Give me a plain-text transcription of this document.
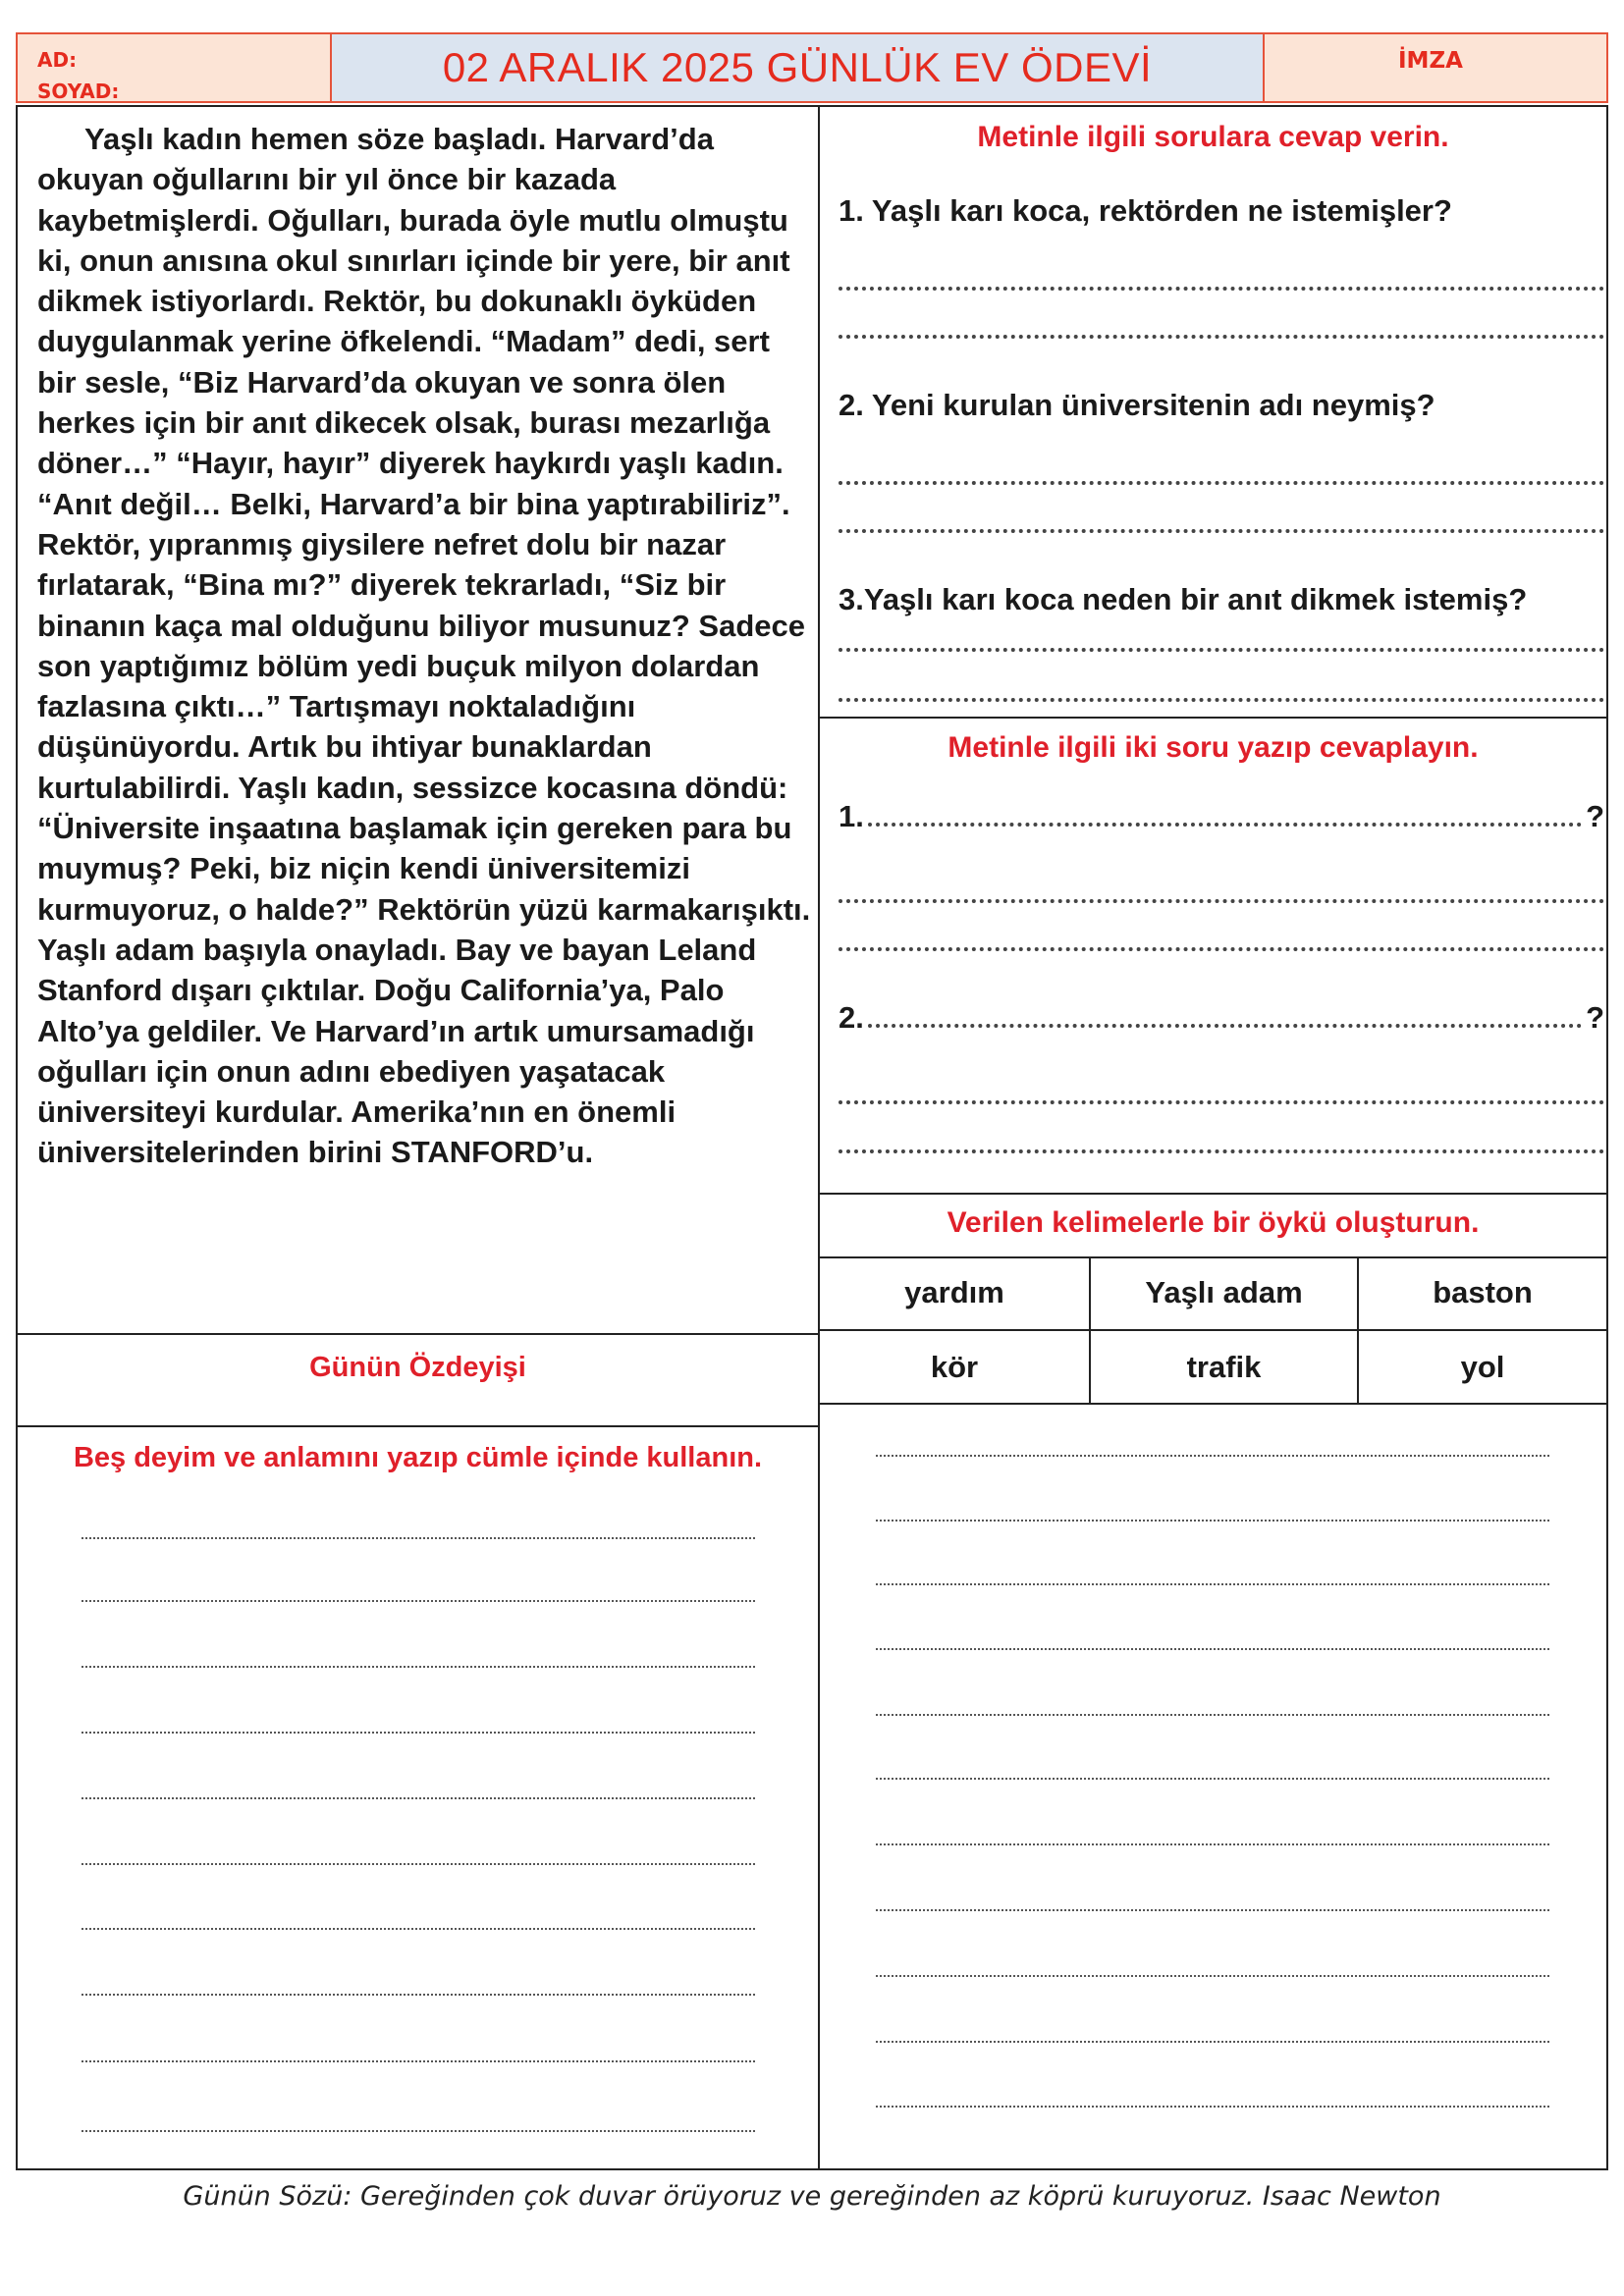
AD:
SOYAD:
02 ARALIK 2025 GÜNLÜK EV ÖDEVİ	İMZA

Yaşlı kadın hemen söze başladı. Harvard’da okuyan oğullarını bir yıl önce bir kazada kaybetmişlerdi. Oğulları, burada öyle mutlu olmuştu ki, onun anısına okul sınırları içinde bir yere, bir anıt dikmek istiyorlardı. Rektör, bu dokunaklı öyküden duygulanmak yerine öfkelendi. “Madam” dedi, sert bir sesle, “Biz Harvard’da okuyan ve sonra ölen herkes için bir anıt dikecek olsak, burası mezarlığa döner…” “Hayır, hayır” diyerek haykırdı yaşlı kadın. “Anıt değil… Belki, Harvard’a bir bina yaptırabiliriz”. Rektör, yıpranmış giysilere nefret dolu bir nazar fırlatarak, “Bina mı?” diyerek tekrarladı, “Siz bir binanın kaça mal olduğunu biliyor musunuz? Sadece son yaptığımız bölüm yedi buçuk milyon dolardan fazlasına çıktı…” Tartışmayı noktaladığını düşünüyordu. Artık bu ihtiyar bunaklardan kurtulabilirdi. Yaşlı kadın, sessizce kocasına döndü: “Üniversite inşaatına başlamak için gereken para bu muymuş? Peki, biz niçin kendi üniversitemizi kurmuyoruz, o halde?” Rektörün yüzü karmakarışıktı. Yaşlı adam başıyla onayladı. Bay ve bayan Leland Stanford dışarı çıktılar. Doğu California’ya, Palo Alto’ya geldiler. Ve Harvard’ın artık umursamadığı oğulları için onun adını ebediyen yaşatacak üniversiteyi kurdular. Amerika’nın en önemli üniversitelerinden birini STANFORD’u.

Günün Özdeyişi
Beş deyim ve anlamını yazıp cümle içinde kullanın.
Metinle ilgili sorulara cevap verin.
1. Yaşlı karı koca, rektörden ne istemişler?
2. Yeni kurulan üniversitenin adı neymiş?
3.Yaşlı karı koca neden bir anıt dikmek istemiş?
Metinle ilgili iki soru yazıp cevaplayın.
1.	?
2.	?
Verilen kelimelerle bir öykü oluşturun.
yardım	Yaşlı adam	baston
kör	trafik	yol
Günün Sözü: Gereğinden çok duvar örüyoruz ve gereğinden az köprü kuruyoruz. Isaac Newton
